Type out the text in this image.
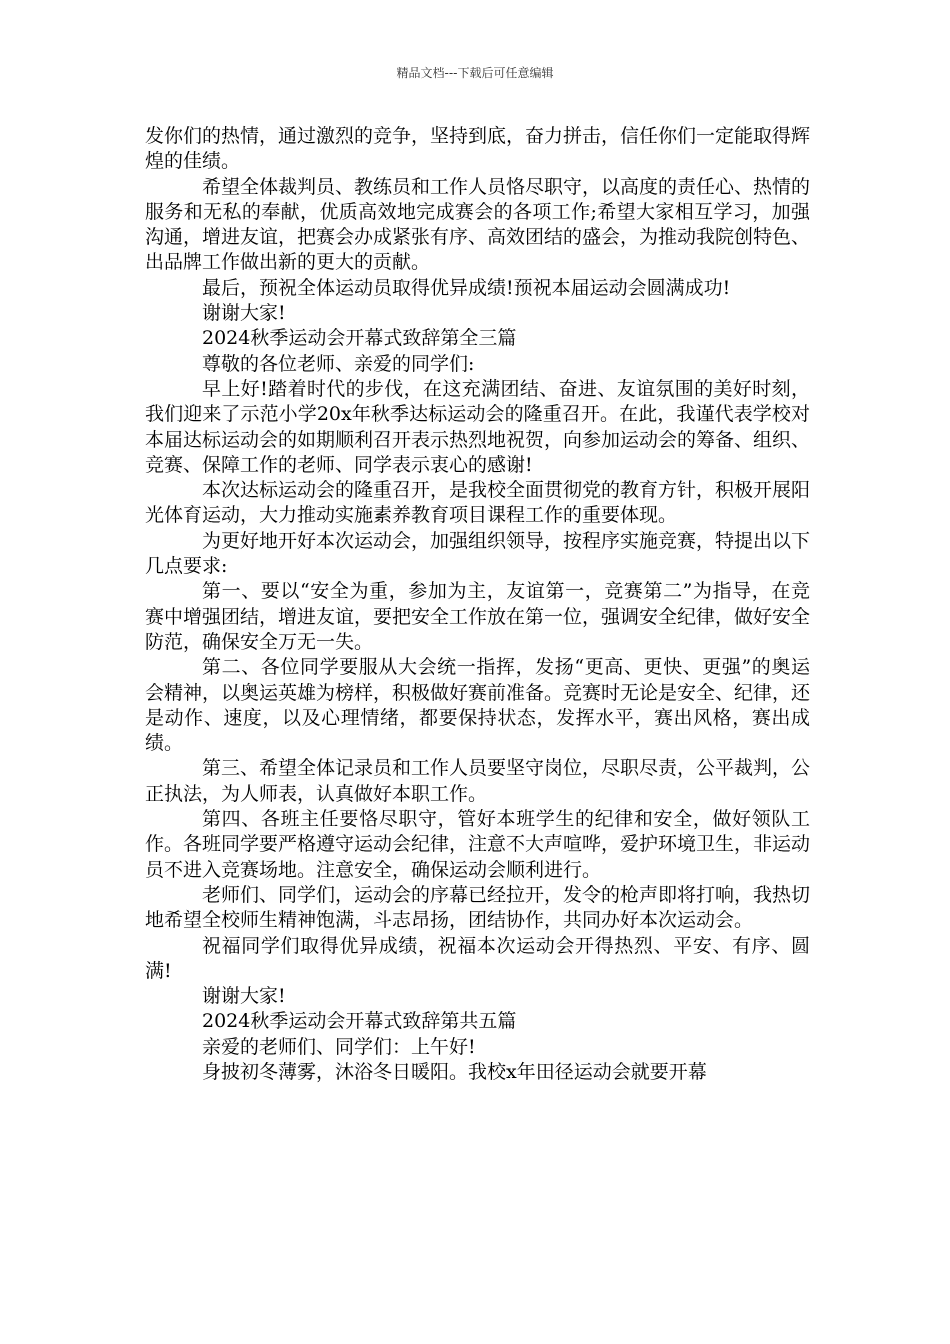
精品文档---下载后可任意编辑

发你们的热情，通过激烈的竞争，坚持到底，奋力拼击，信任你们一定能取得辉煌的佳绩。

希望全体裁判员、教练员和工作人员恪尽职守，以高度的责任心、热情的服务和无私的奉献，优质高效地完成赛会的各项工作;希望大家相互学习，加强沟通，增进友谊，把赛会办成紧张有序、高效团结的盛会，为推动我院创特色、出品牌工作做出新的更大的贡献。

最后，预祝全体运动员取得优异成绩!预祝本届运动会圆满成功!

谢谢大家!

2024秋季运动会开幕式致辞第全三篇

尊敬的各位老师、亲爱的同学们:

早上好!踏着时代的步伐，在这充满团结、奋进、友谊氛围的美好时刻，我们迎来了示范小学20x年秋季达标运动会的隆重召开。在此，我谨代表学校对本届达标运动会的如期顺利召开表示热烈地祝贺，向参加运动会的筹备、组织、竞赛、保障工作的老师、同学表示衷心的感谢!

本次达标运动会的隆重召开，是我校全面贯彻党的教育方针，积极开展阳光体育运动，大力推动实施素养教育项目课程工作的重要体现。

为更好地开好本次运动会，加强组织领导，按程序实施竞赛，特提出以下几点要求:

第一、要以“安全为重，参加为主，友谊第一，竞赛第二”为指导，在竞赛中增强团结，增进友谊，要把安全工作放在第一位，强调安全纪律，做好安全防范，确保安全万无一失。

第二、各位同学要服从大会统一指挥，发扬“更高、更快、更强”的奥运会精神，以奥运英雄为榜样，积极做好赛前准备。竞赛时无论是安全、纪律，还是动作、速度，以及心理情绪，都要保持状态，发挥水平，赛出风格，赛出成绩。

第三、希望全体记录员和工作人员要坚守岗位，尽职尽责，公平裁判，公正执法，为人师表，认真做好本职工作。

第四、各班主任要恪尽职守，管好本班学生的纪律和安全，做好领队工作。各班同学要严格遵守运动会纪律，注意不大声喧哗，爱护环境卫生，非运动员不进入竞赛场地。注意安全，确保运动会顺利进行。

老师们、同学们，运动会的序幕已经拉开，发令的枪声即将打响，我热切地希望全校师生精神饱满，斗志昂扬，团结协作，共同办好本次运动会。

祝福同学们取得优异成绩，祝福本次运动会开得热烈、平安、有序、圆满!

谢谢大家!

2024秋季运动会开幕式致辞第共五篇

亲爱的老师们、同学们：上午好!

身披初冬薄雾，沐浴冬日暖阳。我校x年田径运动会就要开幕
